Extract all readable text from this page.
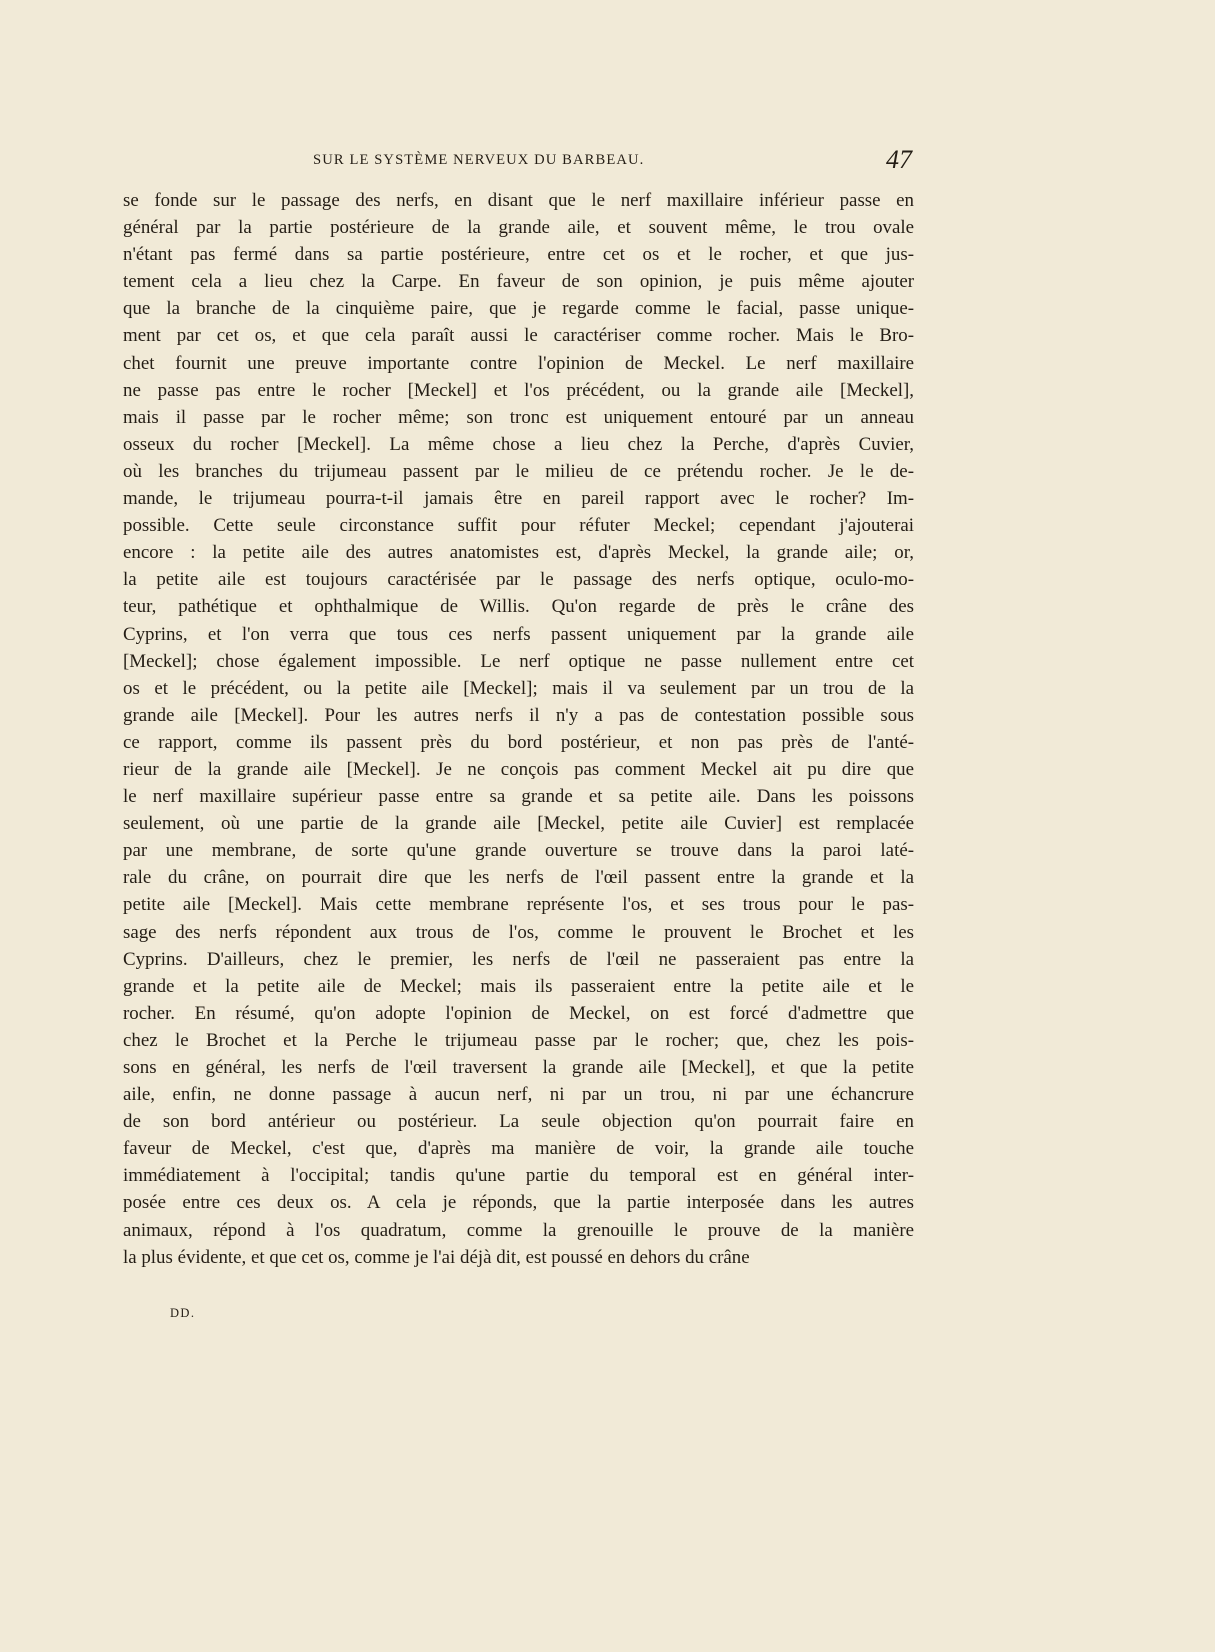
SUR LE SYSTÈME NERVEUX DU BARBEAU.	47
se fonde sur le passage des nerfs, en disant que le nerf maxillaire inférieur passe en
général par la partie postérieure de la grande aile, et souvent même, le trou ovale
n'étant pas fermé dans sa partie postérieure, entre cet os et le rocher, et que jus-
tement cela a lieu chez la Carpe. En faveur de son opinion, je puis même ajouter
que la branche de la cinquième paire, que je regarde comme le facial, passe unique-
ment par cet os, et que cela paraît aussi le caractériser comme rocher. Mais le Bro-
chet fournit une preuve importante contre l'opinion de Meckel. Le nerf maxillaire
ne passe pas entre le rocher [Meckel] et l'os précédent, ou la grande aile [Meckel],
mais il passe par le rocher même; son tronc est uniquement entouré par un anneau
osseux du rocher [Meckel]. La même chose a lieu chez la Perche, d'après Cuvier,
où les branches du trijumeau passent par le milieu de ce prétendu rocher. Je le de-
mande, le trijumeau pourra-t-il jamais être en pareil rapport avec le rocher? Im-
possible. Cette seule circonstance suffit pour réfuter Meckel; cependant j'ajouterai
encore : la petite aile des autres anatomistes est, d'après Meckel, la grande aile; or,
la petite aile est toujours caractérisée par le passage des nerfs optique, oculo-mo-
teur, pathétique et ophthalmique de Willis. Qu'on regarde de près le crâne des
Cyprins, et l'on verra que tous ces nerfs passent uniquement par la grande aile
[Meckel]; chose également impossible. Le nerf optique ne passe nullement entre cet
os et le précédent, ou la petite aile [Meckel]; mais il va seulement par un trou de la
grande aile [Meckel]. Pour les autres nerfs il n'y a pas de contestation possible sous
ce rapport, comme ils passent près du bord postérieur, et non pas près de l'anté-
rieur de la grande aile [Meckel]. Je ne conçois pas comment Meckel ait pu dire que
le nerf maxillaire supérieur passe entre sa grande et sa petite aile. Dans les poissons
seulement, où une partie de la grande aile [Meckel, petite aile Cuvier] est remplacée
par une membrane, de sorte qu'une grande ouverture se trouve dans la paroi laté-
rale du crâne, on pourrait dire que les nerfs de l'œil passent entre la grande et la
petite aile [Meckel]. Mais cette membrane représente l'os, et ses trous pour le pas-
sage des nerfs répondent aux trous de l'os, comme le prouvent le Brochet et les
Cyprins. D'ailleurs, chez le premier, les nerfs de l'œil ne passeraient pas entre la
grande et la petite aile de Meckel; mais ils passeraient entre la petite aile et le
rocher. En résumé, qu'on adopte l'opinion de Meckel, on est forcé d'admettre que
chez le Brochet et la Perche le trijumeau passe par le rocher; que, chez les pois-
sons en général, les nerfs de l'œil traversent la grande aile [Meckel], et que la petite
aile, enfin, ne donne passage à aucun nerf, ni par un trou, ni par une échancrure
de son bord antérieur ou postérieur. La seule objection qu'on pourrait faire en
faveur de Meckel, c'est que, d'après ma manière de voir, la grande aile touche
immédiatement à l'occipital; tandis qu'une partie du temporal est en général inter-
posée entre ces deux os. A cela je réponds, que la partie interposée dans les autres
animaux, répond à l'os quadratum, comme la grenouille le prouve de la manière
la plus évidente, et que cet os, comme je l'ai déjà dit, est poussé en dehors du crâne
DD.
